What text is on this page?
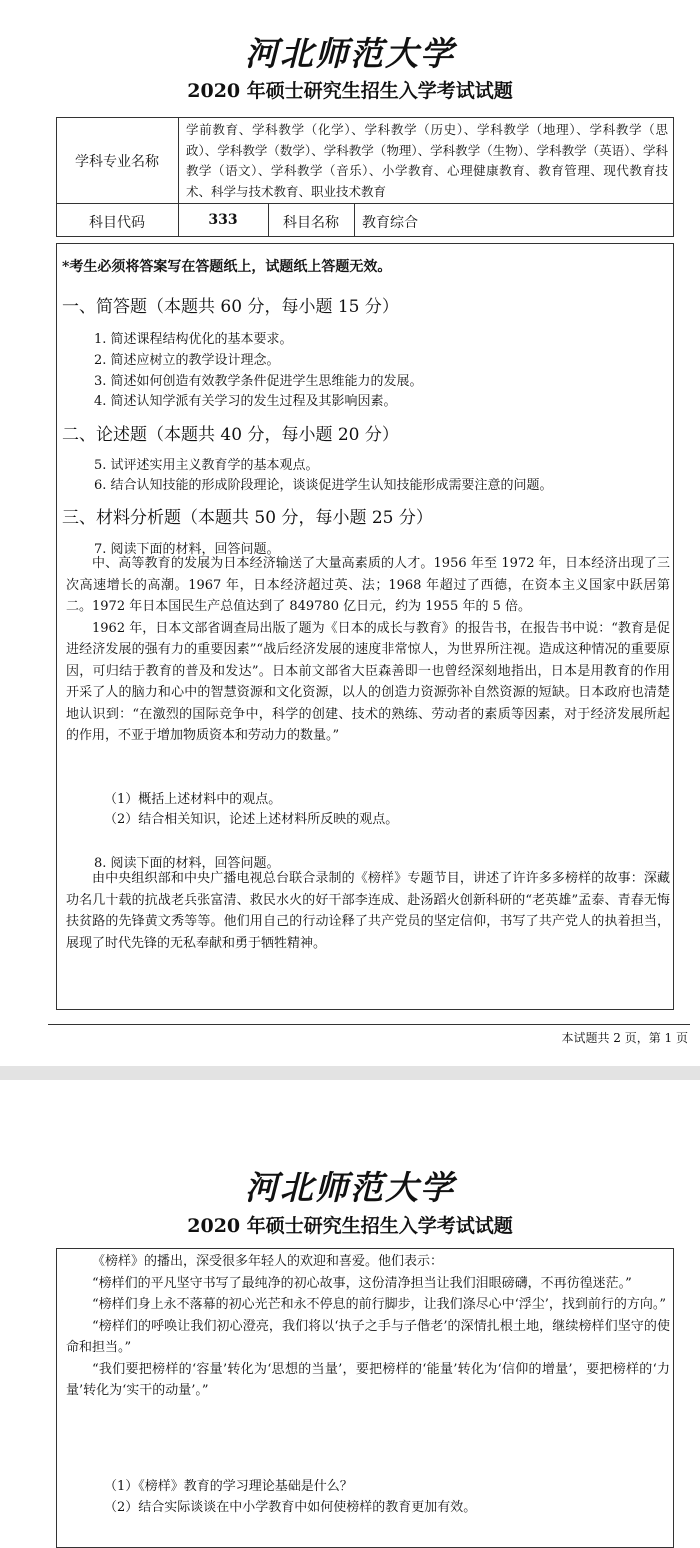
河北师范大学
2020 年硕士研究生招生入学考试试题
学科专业名称
学前教育、学科教学（化学）、学科教学（历史）、学科教学（地理）、学科教学（思政）、学科教学（数学）、学科教学（物理）、学科教学（生物）、学科教学（英语）、学科教学（语文）、学科教学（音乐）、小学教育、心理健康教育、教育管理、现代教育技术、科学与技术教育、职业技术教育
科目代码	333	科目名称	教育综合
*考生必须将答案写在答题纸上，试题纸上答题无效。
一、简答题（本题共 60 分，每小题 15 分）
1. 简述课程结构优化的基本要求。
2. 简述应树立的教学设计理念。
3. 简述如何创造有效教学条件促进学生思维能力的发展。
4. 简述认知学派有关学习的发生过程及其影响因素。
二、论述题（本题共 40 分，每小题 20 分）
5. 试评述实用主义教育学的基本观点。
6. 结合认知技能的形成阶段理论，谈谈促进学生认知技能形成需要注意的问题。
三、材料分析题（本题共 50 分，每小题 25 分）
7. 阅读下面的材料，回答问题。

中、高等教育的发展为日本经济输送了大量高素质的人才。1956 年至 1972 年，日本经济出现了三次高速增长的高潮。1967 年，日本经济超过英、法；1968 年超过了西德，在资本主义国家中跃居第二。1972 年日本国民生产总值达到了 849780 亿日元，约为 1955 年的 5 倍。

1962 年，日本文部省调查局出版了题为《日本的成长与教育》的报告书，在报告书中说：“教育是促进经济发展的强有力的重要因素”“战后经济发展的速度非常惊人，为世界所注视。造成这种情况的重要原因，可归结于教育的普及和发达”。日本前文部省大臣森善即一也曾经深刻地指出，日本是用教育的作用开采了人的脑力和心中的智慧资源和文化资源，以人的创造力资源弥补自然资源的短缺。日本政府也清楚地认识到：“在激烈的国际竞争中，科学的创建、技术的熟练、劳动者的素质等因素，对于经济发展所起的作用，不亚于增加物质资本和劳动力的数量。”

（1）概括上述材料中的观点。
（2）结合相关知识，论述上述材料所反映的观点。
8. 阅读下面的材料，回答问题。

由中央组织部和中央广播电视总台联合录制的《榜样》专题节目，讲述了许许多多榜样的故事：深藏功名几十载的抗战老兵张富清、救民水火的好干部李连成、赴汤蹈火创新科研的“老英雄”孟泰、青春无悔扶贫路的先锋黄文秀等等。他们用自己的行动诠释了共产党员的坚定信仰，书写了共产党人的执着担当，展现了时代先锋的无私奉献和勇于牺牲精神。

本试题共 2 页，第 1 页
河北师范大学
2020 年硕士研究生招生入学考试试题

《榜样》的播出，深受很多年轻人的欢迎和喜爱。他们表示：

“榜样们的平凡坚守书写了最纯净的初心故事，这份清净担当让我们泪眼磅礴，不再彷徨迷茫。”

“榜样们身上永不落幕的初心光芒和永不停息的前行脚步，让我们涤尽心中‘浮尘’，找到前行的方向。”

“榜样们的呼唤让我们初心澄亮，我们将以‘执子之手与子偕老’的深情扎根土地，继续榜样们坚守的使命和担当。”

“我们要把榜样的‘容量’转化为‘思想的当量’，要把榜样的‘能量’转化为‘信仰的增量’，要把榜样的‘力量’转化为‘实干的动量’。”

（1）《榜样》教育的学习理论基础是什么？
（2）结合实际谈谈在中小学教育中如何使榜样的教育更加有效。
